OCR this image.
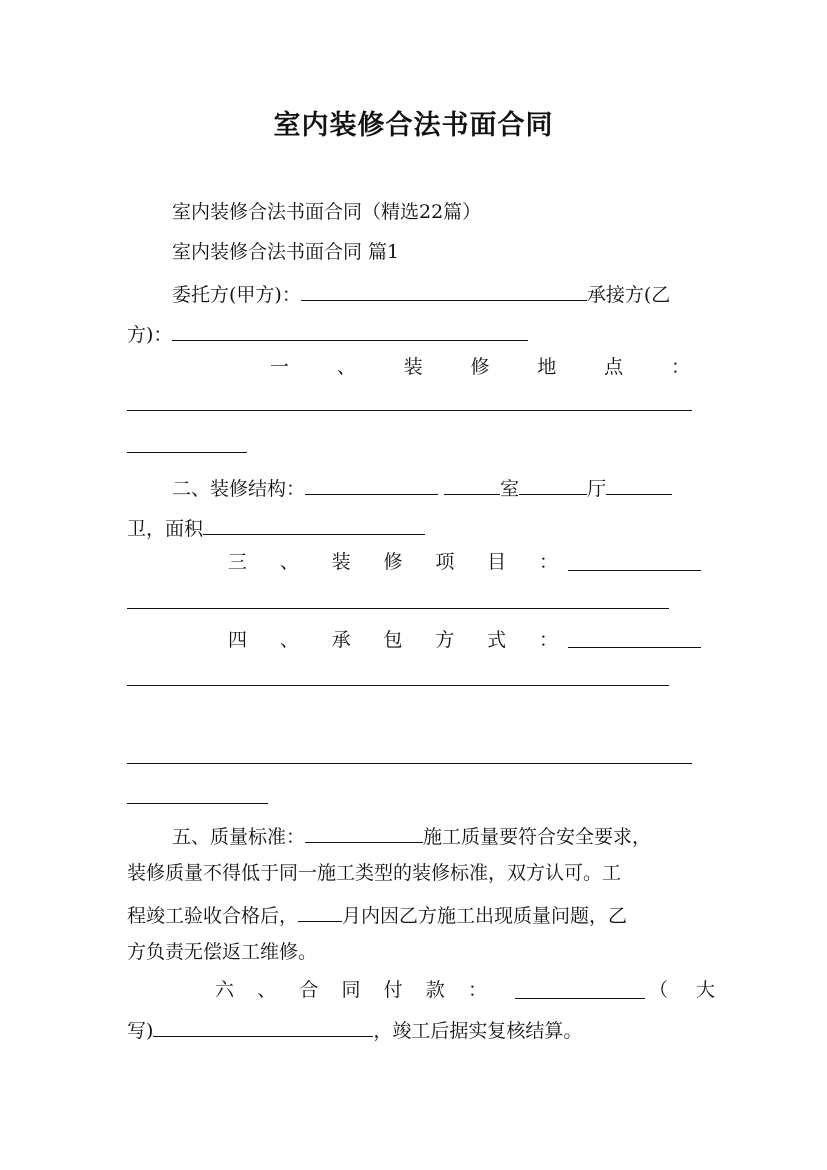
室内装修合法书面合同
室内装修合法书面合同（精选22篇）
室内装修合法书面合同 篇1
委托方(甲方)：	承接方(乙
方)：
一	、	装	修	地	点	：
二、装修结构：	室	厅
卫，面积
三 、 装 修 项 目 ：
四 、 承 包 方 式 ：
五、质量标准：	施工质量要符合安全要求，
装修质量不得低于同一施工类型的装修标准，双方认可。工
程竣工验收合格后， 月内因乙方施工出现质量问题，乙
方负责无偿返工维修。
六 、 合 同 付 款 ：	（ 大
写)	，竣工后据实复核结算。
